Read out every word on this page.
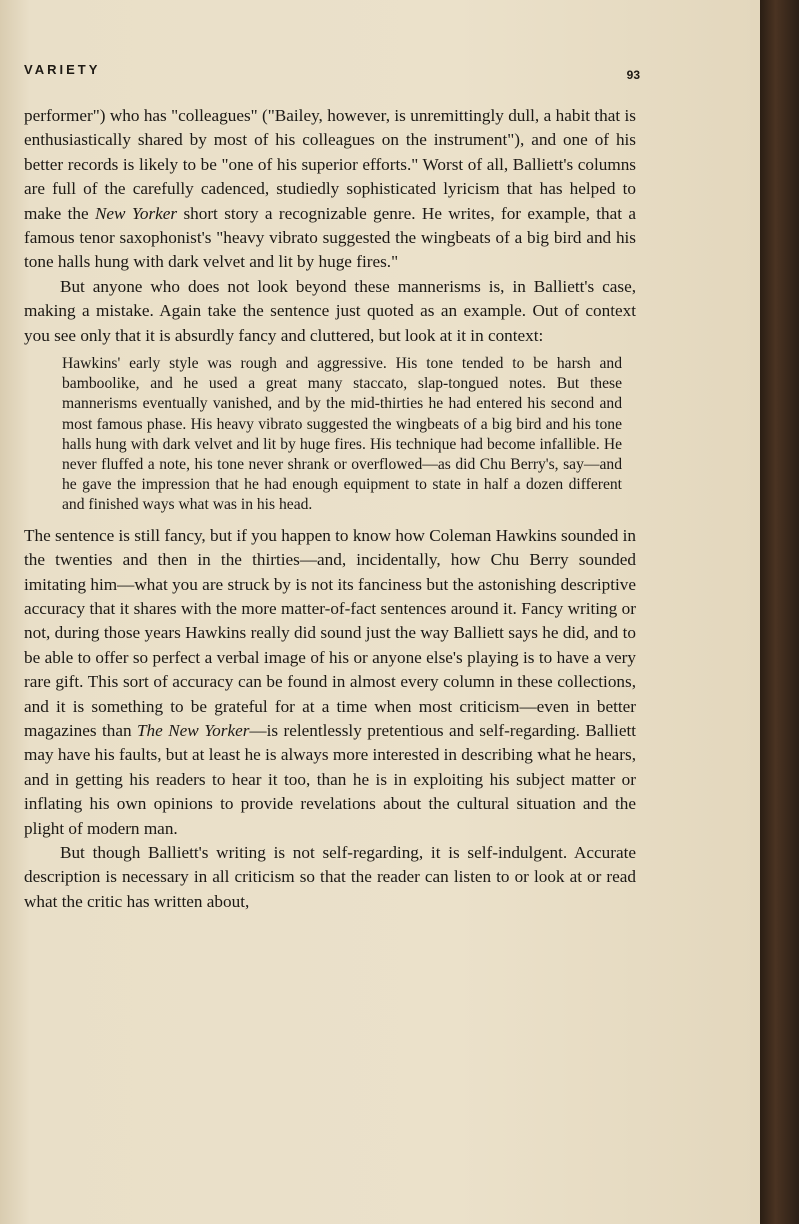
VARIETY	93

performer") who has "colleagues" ("Bailey, however, is unremittingly dull, a habit that is enthusiastically shared by most of his colleagues on the instrument"), and one of his better records is likely to be "one of his superior efforts." Worst of all, Balliett's columns are full of the carefully cadenced, studiedly sophisticated lyricism that has helped to make the New Yorker short story a recognizable genre. He writes, for example, that a famous tenor saxophonist's "heavy vibrato suggested the wingbeats of a big bird and his tone halls hung with dark velvet and lit by huge fires."

But anyone who does not look beyond these mannerisms is, in Balliett's case, making a mistake. Again take the sentence just quoted as an example. Out of context you see only that it is absurdly fancy and cluttered, but look at it in context:

Hawkins' early style was rough and aggressive. His tone tended to be harsh and bamboolike, and he used a great many staccato, slap-tongued notes. But these mannerisms eventually vanished, and by the mid-thirties he had entered his second and most famous phase. His heavy vibrato suggested the wingbeats of a big bird and his tone halls hung with dark velvet and lit by huge fires. His technique had become infallible. He never fluffed a note, his tone never shrank or overflowed—as did Chu Berry's, say—and he gave the impression that he had enough equipment to state in half a dozen different and finished ways what was in his head.

The sentence is still fancy, but if you happen to know how Coleman Hawkins sounded in the twenties and then in the thirties—and, incidentally, how Chu Berry sounded imitating him—what you are struck by is not its fanciness but the astonishing descriptive accuracy that it shares with the more matter-of-fact sentences around it. Fancy writing or not, during those years Hawkins really did sound just the way Balliett says he did, and to be able to offer so perfect a verbal image of his or anyone else's playing is to have a very rare gift. This sort of accuracy can be found in almost every column in these collections, and it is something to be grateful for at a time when most criticism—even in better magazines than The New Yorker—is relentlessly pretentious and self-regarding. Balliett may have his faults, but at least he is always more interested in describing what he hears, and in getting his readers to hear it too, than he is in exploiting his subject matter or inflating his own opinions to provide revelations about the cultural situation and the plight of modern man.

But though Balliett's writing is not self-regarding, it is self-indulgent. Accurate description is necessary in all criticism so that the reader can listen to or look at or read what the critic has written about,
